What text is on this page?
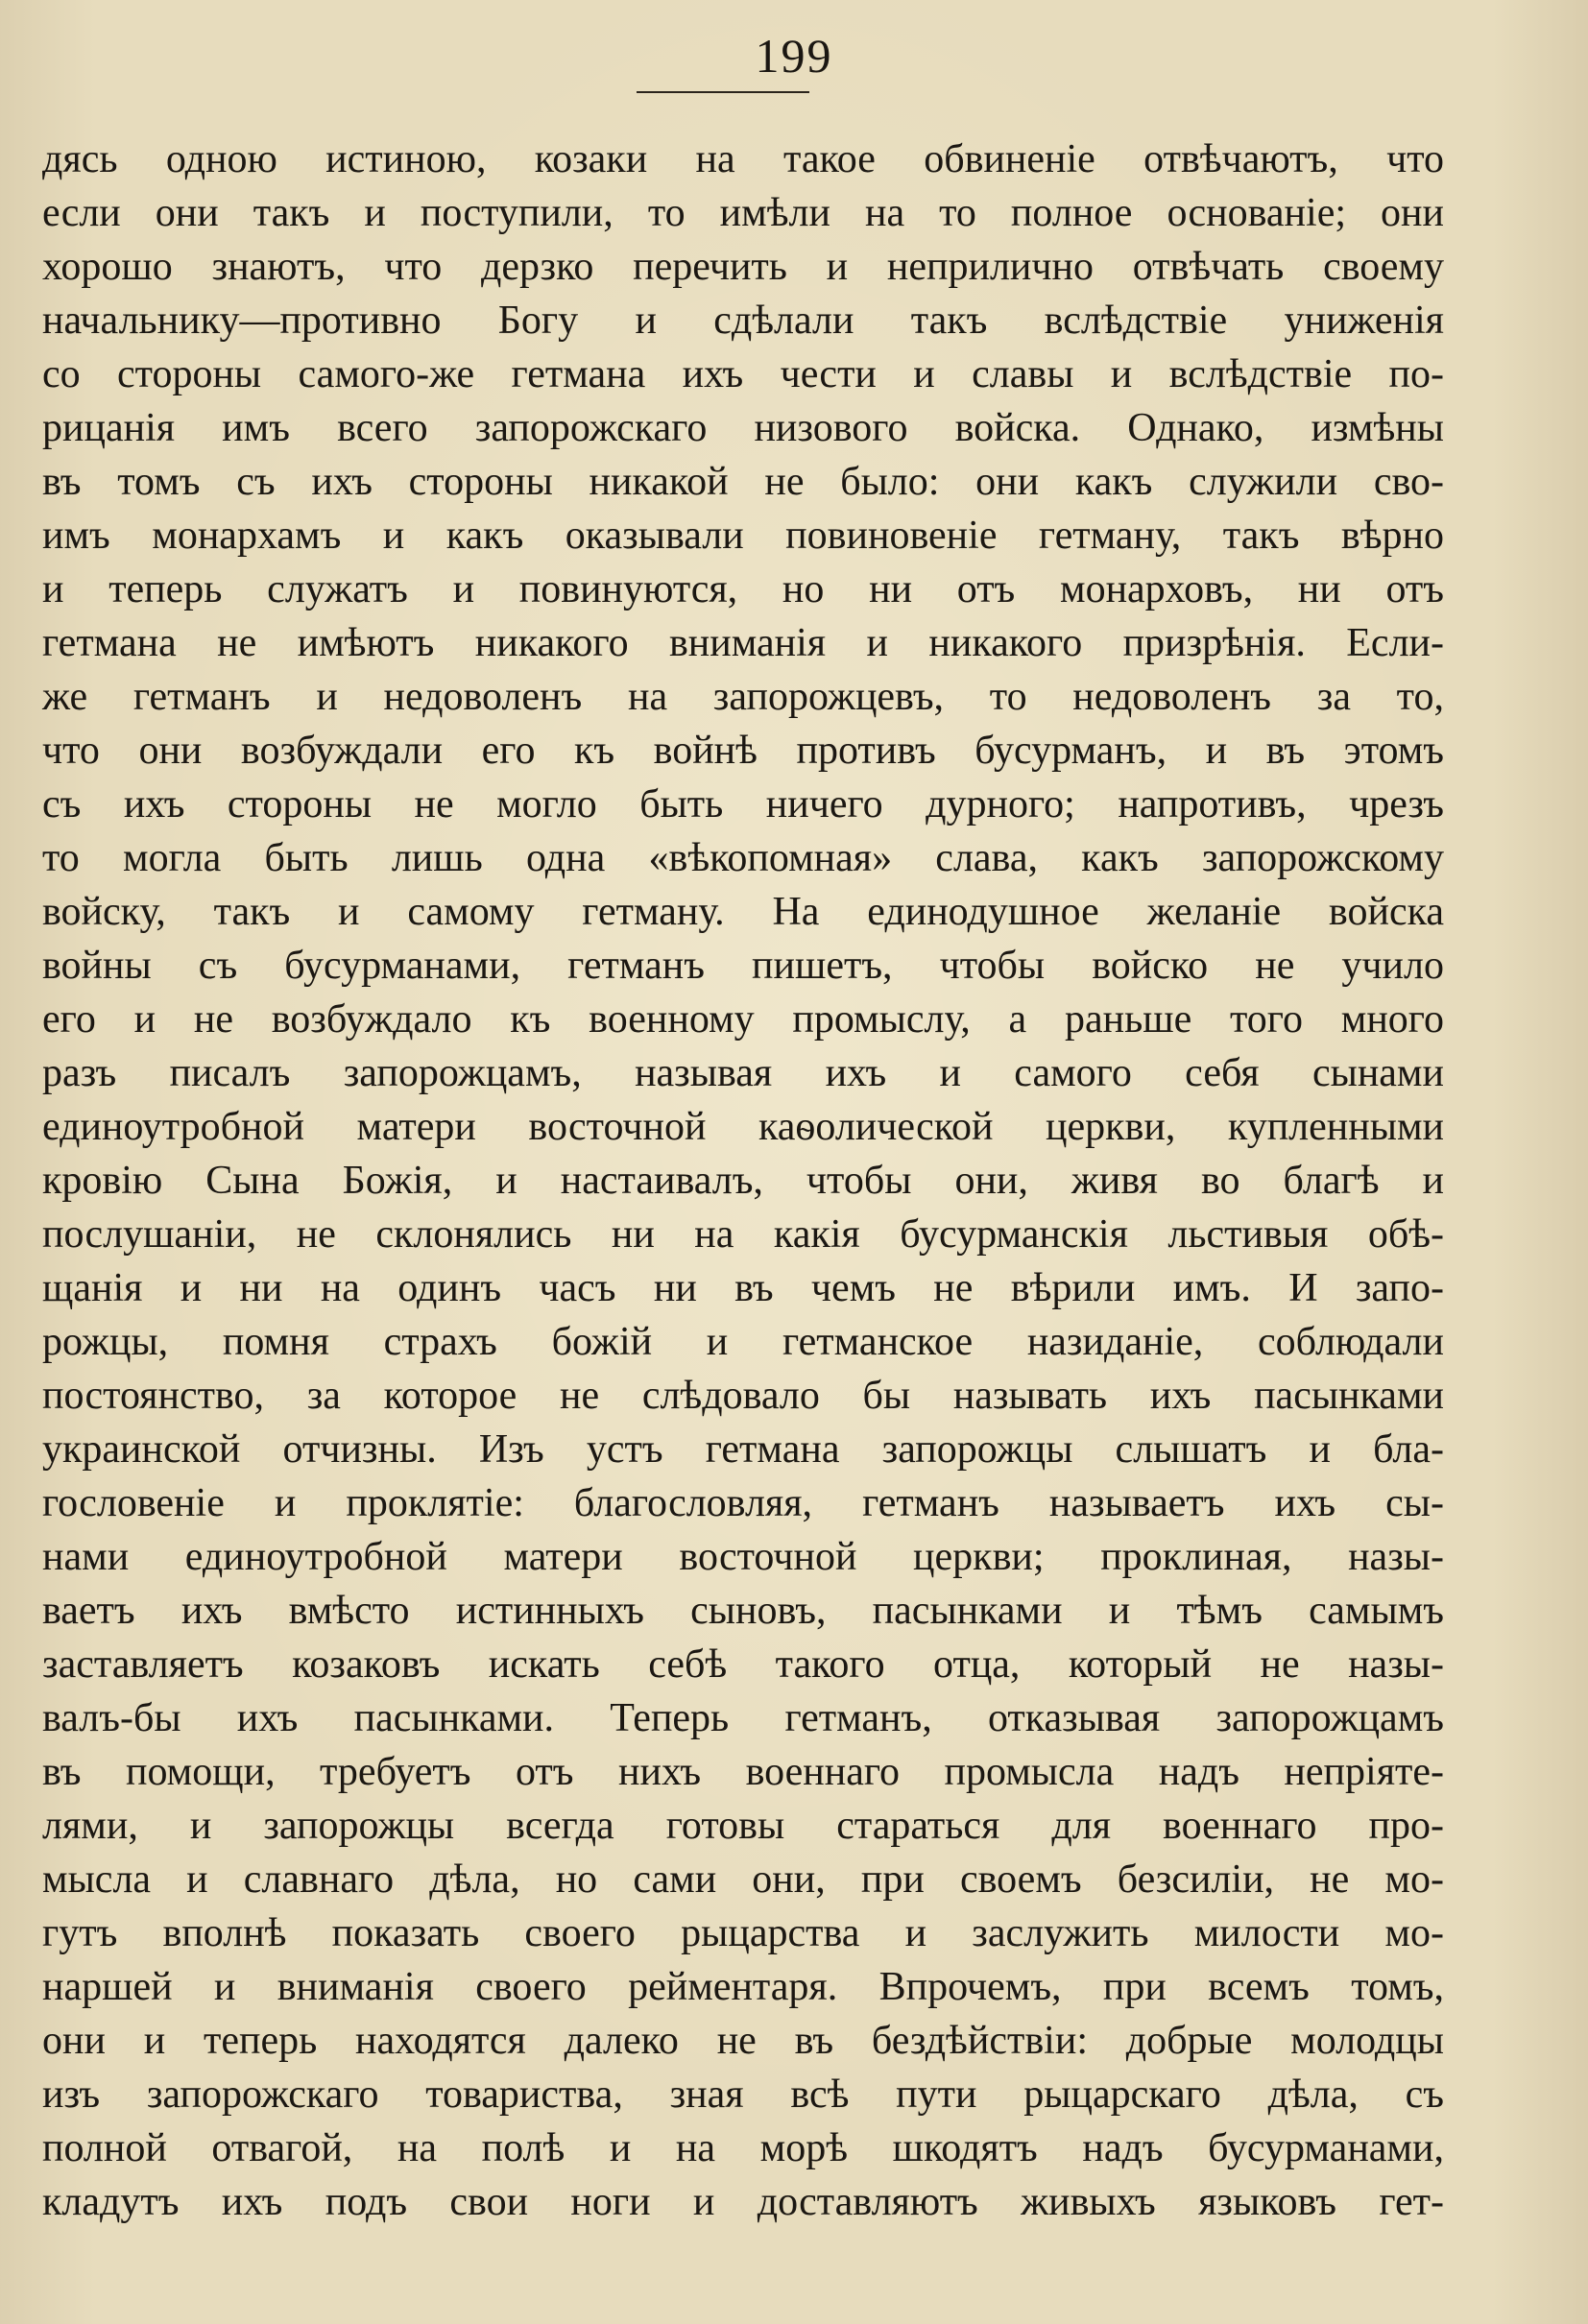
199
дясь одною истиною, козаки на такое обвиненіе отвѣчаютъ, что
если они такъ и поступили, то имѣли на то полное основаніе; они
хорошо знаютъ, что дерзко перечить и неприлично отвѣчать своему
начальнику—противно Богу и сдѣлали такъ вслѣдствіе униженія
со стороны самого-же гетмана ихъ чести и славы и вслѣдствіе по-
рицанія имъ всего запорожскаго низового войска. Однако, измѣны
въ томъ съ ихъ стороны никакой не было: они какъ служили сво-
имъ монархамъ и какъ оказывали повиновеніе гетману, такъ вѣрно
и теперь служатъ и повинуются, но ни отъ монарховъ, ни отъ
гетмана не имѣютъ никакого вниманія и никакого призрѣнія. Если-
же гетманъ и недоволенъ на запорожцевъ, то недоволенъ за то,
что они возбуждали его къ войнѣ противъ бусурманъ, и въ этомъ
съ ихъ стороны не могло быть ничего дурного; напротивъ, чрезъ
то могла быть лишь одна «вѣкопомная» слава, какъ запорожскому
войску, такъ и самому гетману. На единодушное желаніе войска
войны съ бусурманами, гетманъ пишетъ, чтобы войско не учило
его и не возбуждало къ военному промыслу, а раньше того много
разъ писалъ запорожцамъ, называя ихъ и самого себя сынами
единоутробной матери восточной каѳолической церкви, купленными
кровію Сына Божія, и настаивалъ, чтобы они, живя во благѣ и
послушаніи, не склонялись ни на какія бусурманскія льстивыя обѣ-
щанія и ни на одинъ часъ ни въ чемъ не вѣрили имъ. И запо-
рожцы, помня страхъ божій и гетманское назиданіе, соблюдали
постоянство, за которое не слѣдовало бы называть ихъ пасынками
украинской отчизны. Изъ устъ гетмана запорожцы слышатъ и бла-
гословеніе и проклятіе: благословляя, гетманъ называетъ ихъ сы-
нами единоутробной матери восточной церкви; проклиная, назы-
ваетъ ихъ вмѣсто истинныхъ сыновъ, пасынками и тѣмъ самымъ
заставляетъ козаковъ искать себѣ такого отца, который не назы-
валъ-бы ихъ пасынками. Теперь гетманъ, отказывая запорожцамъ
въ помощи, требуетъ отъ нихъ военнаго промысла надъ непріяте-
лями, и запорожцы всегда готовы стараться для военнаго про-
мысла и славнаго дѣла, но сами они, при своемъ безсиліи, не мо-
гутъ вполнѣ показать своего рыцарства и заслужить милости мо-
наршей и вниманія своего рейментаря. Впрочемъ, при всемъ томъ,
они и теперь находятся далеко не въ бездѣйствіи: добрые молодцы
изъ запорожскаго товариства, зная всѣ пути рыцарскаго дѣла, съ
полной отвагой, на полѣ и на морѣ шкодятъ надъ бусурманами,
кладутъ ихъ подъ свои ноги и доставляютъ живыхъ языковъ гет-
